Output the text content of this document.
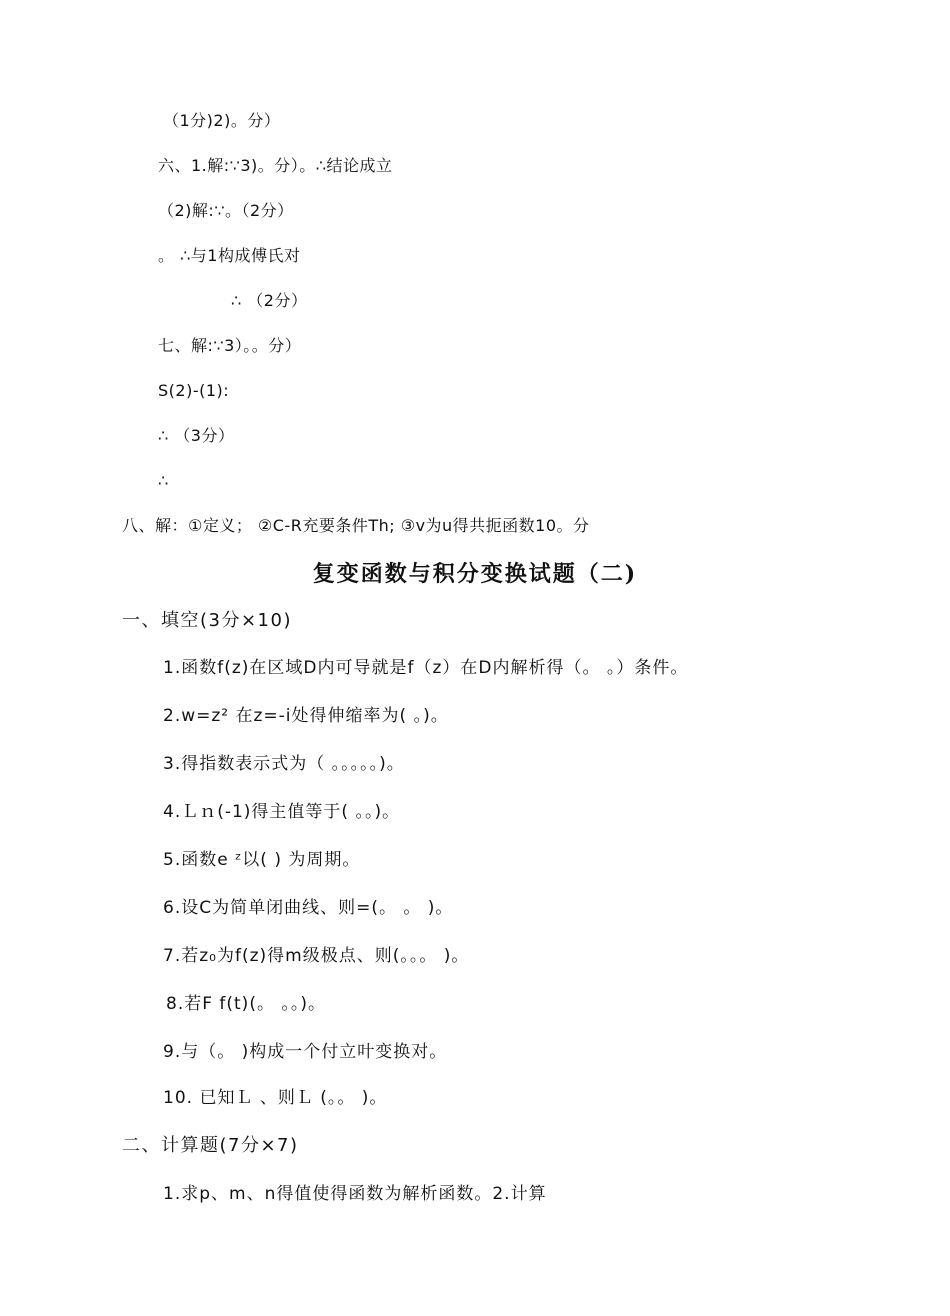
（1分)2)。分）
六、1.解:∵3)。分）。∴结论成立
（2)解:∵。（2分）
。 ∴与1构成傅氏对
∴ （2分）
七、解:∵3）。。分）
S(2)-(1):
∴ （3分）
∴
八、解：①定义； ②C-R充要条件Th; ③v为u得共扼函数10。分
复变函数与积分变换试题（二)
一、填空(3分×10)
1.函数f(z)在区域D内可导就是f（z）在D内解析得（。 。）条件。
2.w=z² 在z=-i处得伸缩率为( 。)。
3.得指数表示式为（ 。。。。。)。
4.Ｌｎ(-1)得主值等于( 。。)。
5.函数e ᶻ以( ) 为周期。
6.设C为简单闭曲线、则=(。 。 )。
7.若z₀为f(z)得m级极点、则(。。。 )。
8.若F f(t)(。 。。)。
9.与（。 )构成一个付立叶变换对。
10. 已知Ｌ 、则Ｌ (。。 )。
二、计算题(7分×7)
1.求p、m、n得值使得函数为解析函数。2.计算
